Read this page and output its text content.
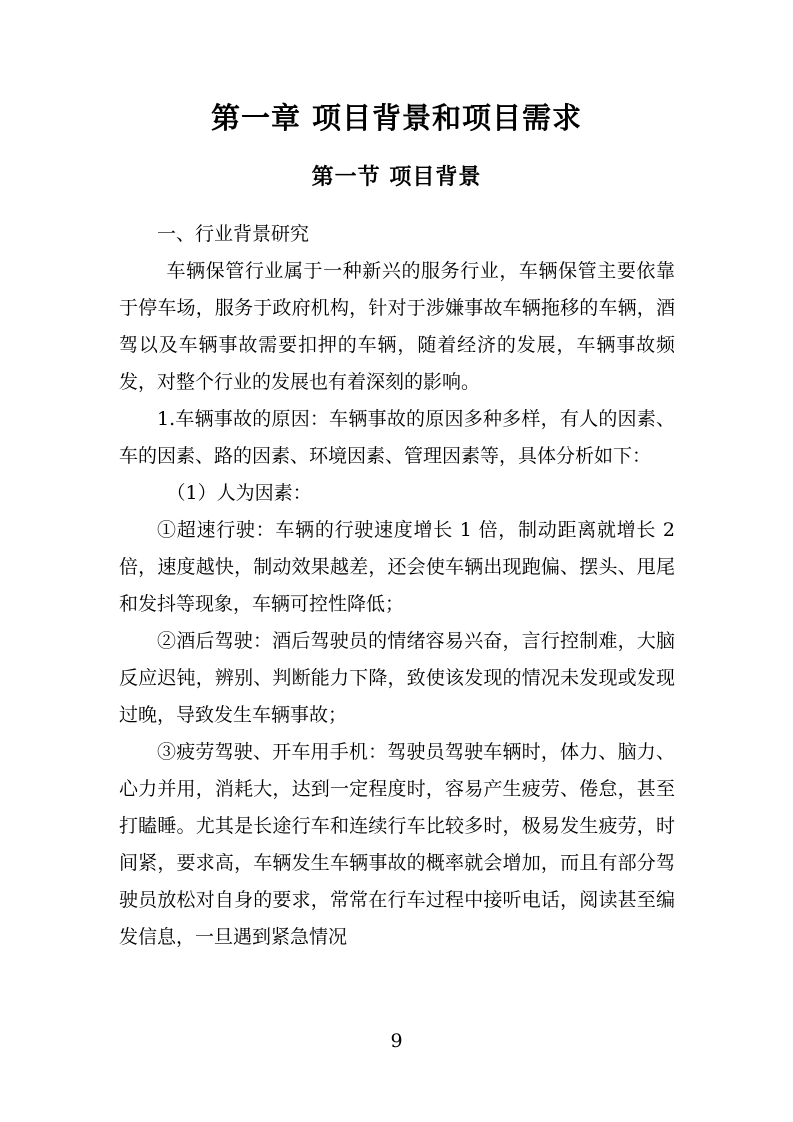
第一章 项目背景和项目需求
第一节 项目背景

一、行业背景研究

车辆保管行业属于一种新兴的服务行业，车辆保管主要依靠于停车场，服务于政府机构，针对于涉嫌事故车辆拖移的车辆，酒驾以及车辆事故需要扣押的车辆，随着经济的发展，车辆事故频发，对整个行业的发展也有着深刻的影响。

1.车辆事故的原因：车辆事故的原因多种多样，有人的因素、车的因素、路的因素、环境因素、管理因素等，具体分析如下：

（1）人为因素：

①超速行驶：车辆的行驶速度增长 1 倍，制动距离就增长 2 倍，速度越快，制动效果越差，还会使车辆出现跑偏、摆头、甩尾和发抖等现象，车辆可控性降低；

②酒后驾驶：酒后驾驶员的情绪容易兴奋，言行控制难，大脑反应迟钝，辨别、判断能力下降，致使该发现的情况未发现或发现过晚，导致发生车辆事故；

③疲劳驾驶、开车用手机：驾驶员驾驶车辆时，体力、脑力、心力并用，消耗大，达到一定程度时，容易产生疲劳、倦怠，甚至打瞌睡。尤其是长途行车和连续行车比较多时，极易发生疲劳，时间紧，要求高，车辆发生车辆事故的概率就会增加，而且有部分驾驶员放松对自身的要求，常常在行车过程中接听电话，阅读甚至编发信息，一旦遇到紧急情况

9
